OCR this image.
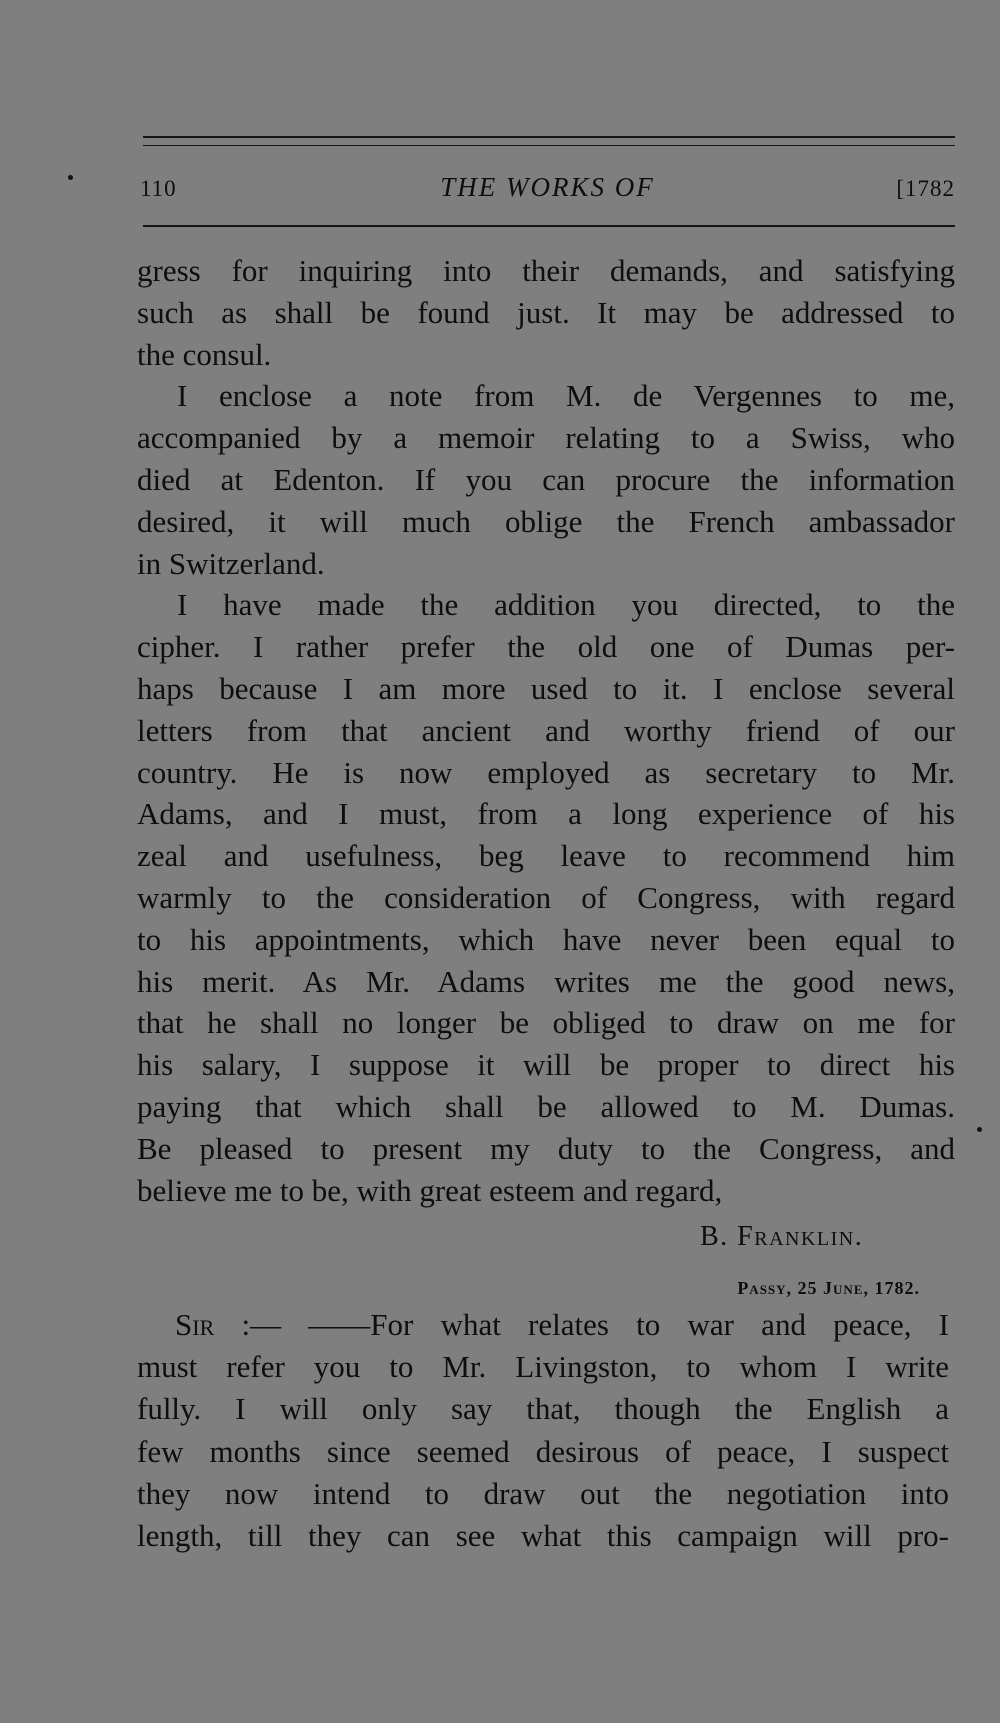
110	THE WORKS OF	[1782

gress for inquiring into their demands, and satisfying
such as shall be found just. It may be addressed to
the consul.

I enclose a note from M. de Vergennes to me,
accompanied by a memoir relating to a Swiss, who
died at Edenton. If you can procure the information
desired, it will much oblige the French ambassador
in Switzerland.

I have made the addition you directed, to the
cipher. I rather prefer the old one of Dumas per-
haps because I am more used to it. I enclose several
letters from that ancient and worthy friend of our
country. He is now employed as secretary to Mr.
Adams, and I must, from a long experience of his
zeal and usefulness, beg leave to recommend him
warmly to the consideration of Congress, with regard
to his appointments, which have never been equal to
his merit. As Mr. Adams writes me the good news,
that he shall no longer be obliged to draw on me for
his salary, I suppose it will be proper to direct his
paying that which shall be allowed to M. Dumas.
Be pleased to present my duty to the Congress, and
believe me to be, with great esteem and regard,

B. Franklin.
Passy, 25 June, 1782.
Sir :— ——For what relates to war and peace, I
must refer you to Mr. Livingston, to whom I write
fully. I will only say that, though the English a
few months since seemed desirous of peace, I suspect
they now intend to draw out the negotiation into
length, till they can see what this campaign will pro-
